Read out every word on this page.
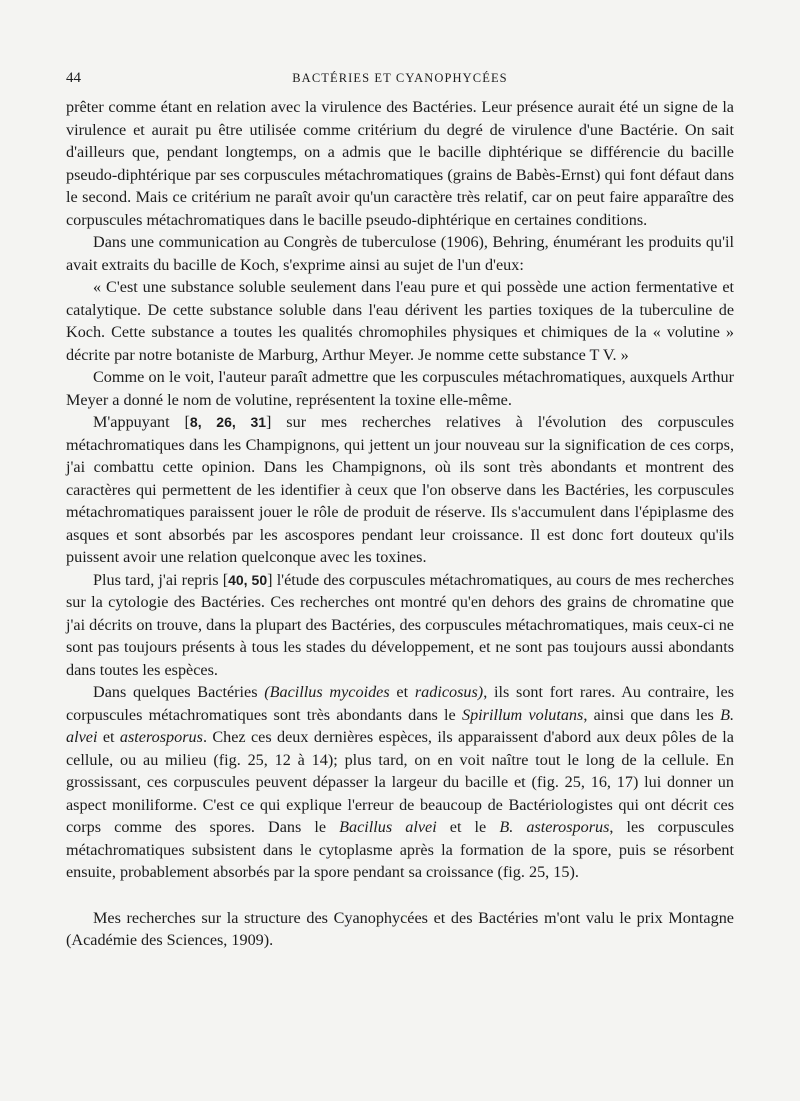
44	BACTÉRIES ET CYANOPHYCÉES

prêter comme étant en relation avec la virulence des Bactéries. Leur présence aurait été un signe de la virulence et aurait pu être utilisée comme critérium du degré de virulence d'une Bactérie. On sait d'ailleurs que, pendant longtemps, on a admis que le bacille diphtérique se différencie du bacille pseudo-diphtérique par ses corpuscules métachromatiques (grains de Babès-Ernst) qui font défaut dans le second. Mais ce critérium ne paraît avoir qu'un caractère très relatif, car on peut faire apparaître des corpuscules métachromatiques dans le bacille pseudo-diphtérique en certaines conditions.

Dans une communication au Congrès de tuberculose (1906), Behring, énumérant les produits qu'il avait extraits du bacille de Koch, s'exprime ainsi au sujet de l'un d'eux:

« C'est une substance soluble seulement dans l'eau pure et qui possède une action fermentative et catalytique. De cette substance soluble dans l'eau dérivent les parties toxiques de la tuberculine de Koch. Cette substance a toutes les qualités chromophiles physiques et chimiques de la « volutine » décrite par notre botaniste de Marburg, Arthur Meyer. Je nomme cette substance T V. »

Comme on le voit, l'auteur paraît admettre que les corpuscules métachromatiques, auxquels Arthur Meyer a donné le nom de volutine, représentent la toxine elle-même.

M'appuyant [8, 26, 31] sur mes recherches relatives à l'évolution des corpuscules métachromatiques dans les Champignons, qui jettent un jour nouveau sur la signification de ces corps, j'ai combattu cette opinion. Dans les Champignons, où ils sont très abondants et montrent des caractères qui permettent de les identifier à ceux que l'on observe dans les Bactéries, les corpuscules métachromatiques paraissent jouer le rôle de produit de réserve. Ils s'accumulent dans l'épiplasme des asques et sont absorbés par les ascospores pendant leur croissance. Il est donc fort douteux qu'ils puissent avoir une relation quelconque avec les toxines.

Plus tard, j'ai repris [40, 50] l'étude des corpuscules métachromatiques, au cours de mes recherches sur la cytologie des Bactéries. Ces recherches ont montré qu'en dehors des grains de chromatine que j'ai décrits on trouve, dans la plupart des Bactéries, des corpuscules métachromatiques, mais ceux-ci ne sont pas toujours présents à tous les stades du développement, et ne sont pas toujours aussi abondants dans toutes les espèces.

Dans quelques Bactéries (Bacillus mycoides et radicosus), ils sont fort rares. Au contraire, les corpuscules métachromatiques sont très abondants dans le Spirillum volutans, ainsi que dans les B. alvei et asterosporus. Chez ces deux dernières espèces, ils apparaissent d'abord aux deux pôles de la cellule, ou au milieu (fig. 25, 12 à 14); plus tard, on en voit naître tout le long de la cellule. En grossissant, ces corpuscules peuvent dépasser la largeur du bacille et (fig. 25, 16, 17) lui donner un aspect moniliforme. C'est ce qui explique l'erreur de beaucoup de Bactériologistes qui ont décrit ces corps comme des spores. Dans le Bacillus alvei et le B. asterosporus, les corpuscules métachromatiques subsistent dans le cytoplasme après la formation de la spore, puis se résorbent ensuite, probablement absorbés par la spore pendant sa croissance (fig. 25, 15).

Mes recherches sur la structure des Cyanophycées et des Bactéries m'ont valu le prix Montagne (Académie des Sciences, 1909).
